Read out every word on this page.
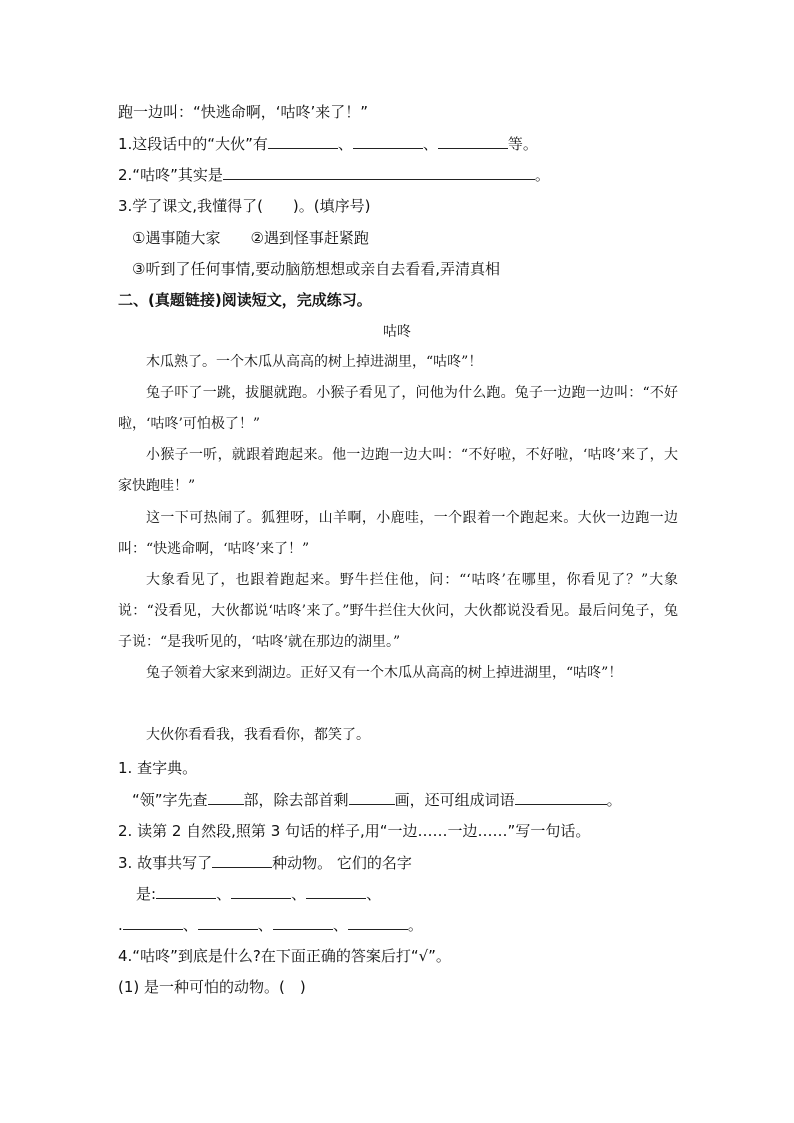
跑一边叫：“快逃命啊，‘咕咚’来了！”
1.这段话中的“大伙”有	、	、	等。
2.“咕咚”其实是	。
3.学了课文,我懂得了(　　)。(填序号)
①遇事随大家　　②遇到怪事赶紧跑
③听到了任何事情,要动脑筋想想或亲自去看看,弄清真相
二、(真题链接)阅读短文，完成练习。
咕咚

木瓜熟了。一个木瓜从高高的树上掉进湖里，“咕咚”！

兔子吓了一跳，拔腿就跑。小猴子看见了，问他为什么跑。兔子一边跑一边叫：“不好啦，‘咕咚’可怕极了！”

小猴子一听，就跟着跑起来。他一边跑一边大叫：“不好啦，不好啦，‘咕咚’来了，大家快跑哇！”

这一下可热闹了。狐狸呀，山羊啊，小鹿哇，一个跟着一个跑起来。大伙一边跑一边叫：“快逃命啊，‘咕咚’来了！”

大象看见了，也跟着跑起来。野牛拦住他，问：“‘咕咚’在哪里，你看见了？”大象说：“没看见，大伙都说‘咕咚’来了。”野牛拦住大伙问，大伙都说没看见。最后问兔子，兔子说：“是我听见的，‘咕咚’就在那边的湖里。”

兔子领着大家来到湖边。正好又有一个木瓜从高高的树上掉进湖里，“咕咚”！

大伙你看看我，我看看你，都笑了。

1. 查字典。
“领”字先查 部，除去部首剩	画，还可组成词语	。
2. 读第 2 自然段,照第 3 句话的样子,用“一边……一边……”写一句话。
3. 故事共写了	种动物。 它们的名字
是:	、	、	、
.	、	、	、	。
4.“咕咚”到底是什么?在下面正确的答案后打“√”。
(1) 是一种可怕的动物。(　)
